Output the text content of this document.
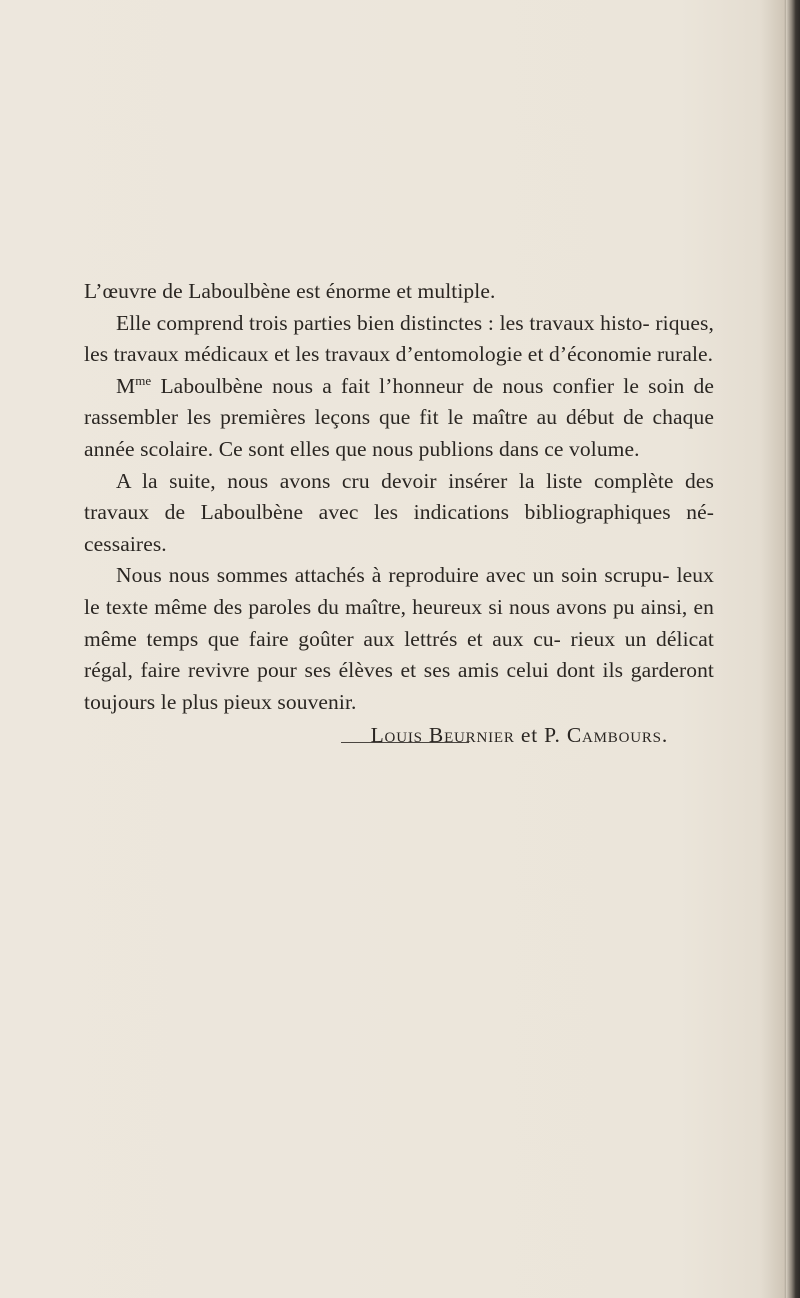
L’œuvre de Laboulbène est énorme et multiple.

Elle comprend trois parties bien distinctes : les travaux histo- riques, les travaux médicaux et les travaux d’entomologie et d’économie rurale.

$M^{me}$ Laboulbène nous a fait l’honneur de nous confier le soin de rassembler les premières leçons que fit le maître au début de chaque année scolaire. Ce sont elles que nous publions dans ce volume.

A la suite, nous avons cru devoir insérer la liste complète des travaux de Laboulbène avec les indications bibliographiques né- cessaires.

Nous nous sommes attachés à reproduire avec un soin scrupu- leux le texte même des paroles du maître, heureux si nous avons pu ainsi, en même temps que faire goûter aux lettrés et aux cu- rieux un délicat régal, faire revivre pour ses élèves et ses amis celui dont ils garderont toujours le plus pieux souvenir.

Louis Beurnier et P. Cambours.
